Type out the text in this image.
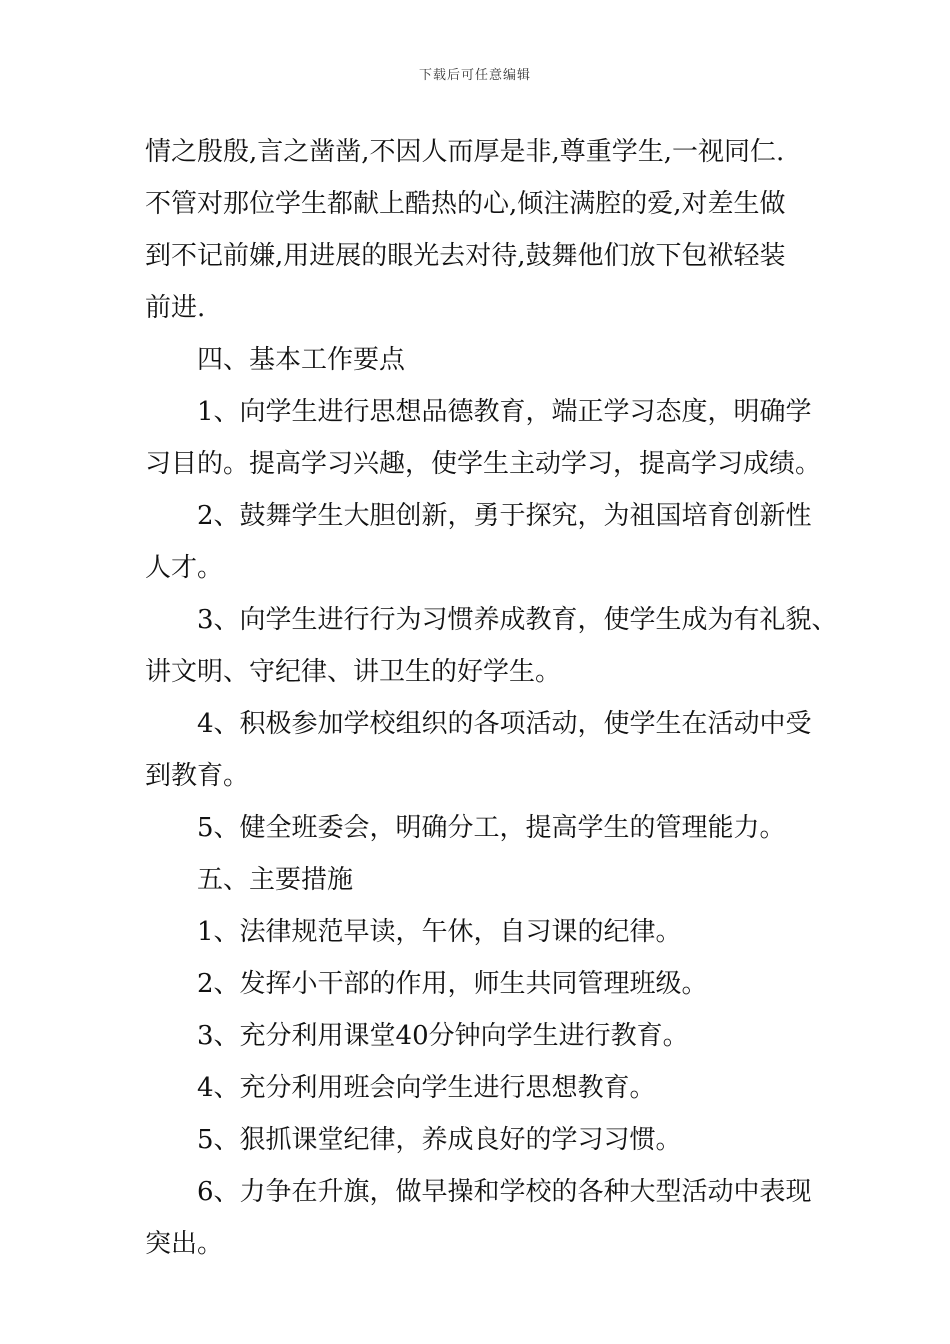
下载后可任意编辑
情之殷殷,言之凿凿,不因人而厚是非,尊重学生,一视同仁.
不管对那位学生都献上酷热的心,倾注满腔的爱,对差生做
到不记前嫌,用进展的眼光去对待,鼓舞他们放下包袱轻装
前进.
四、基本工作要点
1、向学生进行思想品德教育，端正学习态度，明确学
习目的。提高学习兴趣，使学生主动学习，提高学习成绩。
2、鼓舞学生大胆创新，勇于探究，为祖国培育创新性
人才。
3、向学生进行行为习惯养成教育，使学生成为有礼貌、
讲文明、守纪律、讲卫生的好学生。
4、积极参加学校组织的各项活动，使学生在活动中受
到教育。
5、健全班委会，明确分工，提高学生的管理能力。
五、主要措施
1、法律规范早读，午休，自习课的纪律。
2、发挥小干部的作用，师生共同管理班级。
3、充分利用课堂40分钟向学生进行教育。
4、充分利用班会向学生进行思想教育。
5、狠抓课堂纪律，养成良好的学习习惯。
6、力争在升旗，做早操和学校的各种大型活动中表现
突出。
